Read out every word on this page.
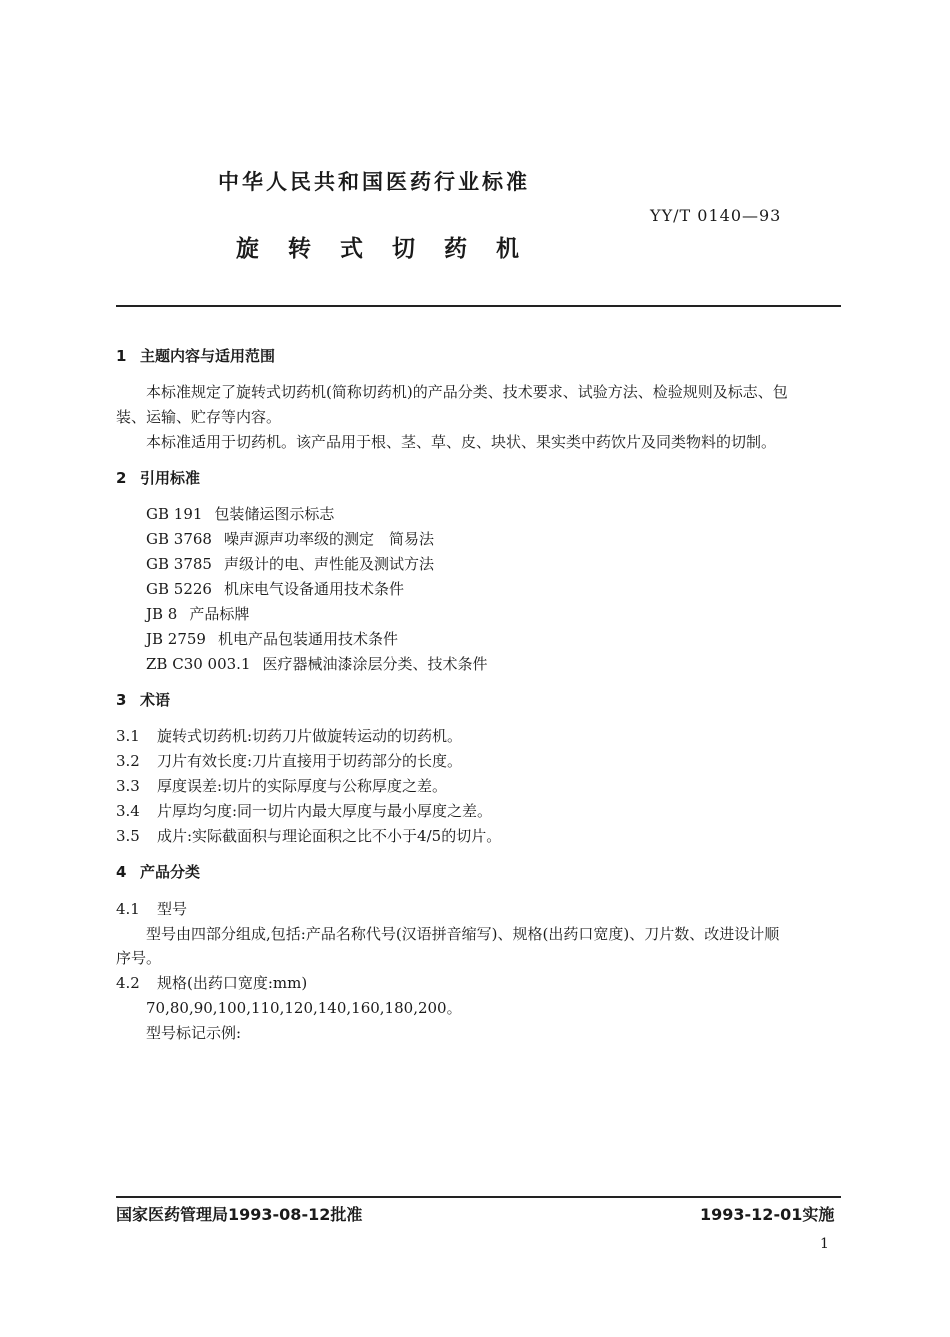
中华人民共和国医药行业标准
YY/T 0140—93
旋转式切药机
1 主题内容与适用范围
本标准规定了旋转式切药机(简称切药机)的产品分类、技术要求、试验方法、检验规则及标志、包
装、运输、贮存等内容。
本标准适用于切药机。该产品用于根、茎、草、皮、块状、果实类中药饮片及同类物料的切制。
2 引用标准
GB 191 包装储运图示标志
GB 3768 噪声源声功率级的测定　简易法
GB 3785 声级计的电、声性能及测试方法
GB 5226 机床电气设备通用技术条件
JB 8 产品标牌
JB 2759 机电产品包装通用技术条件
ZB C30 003.1 医疗器械油漆涂层分类、技术条件
3 术语
3.1 旋转式切药机:切药刀片做旋转运动的切药机。
3.2 刀片有效长度:刀片直接用于切药部分的长度。
3.3 厚度误差:切片的实际厚度与公称厚度之差。
3.4 片厚均匀度:同一切片内最大厚度与最小厚度之差。
3.5 成片:实际截面积与理论面积之比不小于4/5的切片。
4 产品分类
4.1 型号
型号由四部分组成,包括:产品名称代号(汉语拼音缩写)、规格(出药口宽度)、刀片数、改进设计顺
序号。
4.2 规格(出药口宽度:mm)
70,80,90,100,110,120,140,160,180,200。
型号标记示例:
国家医药管理局1993-08-12批准	1993-12-01实施
1
